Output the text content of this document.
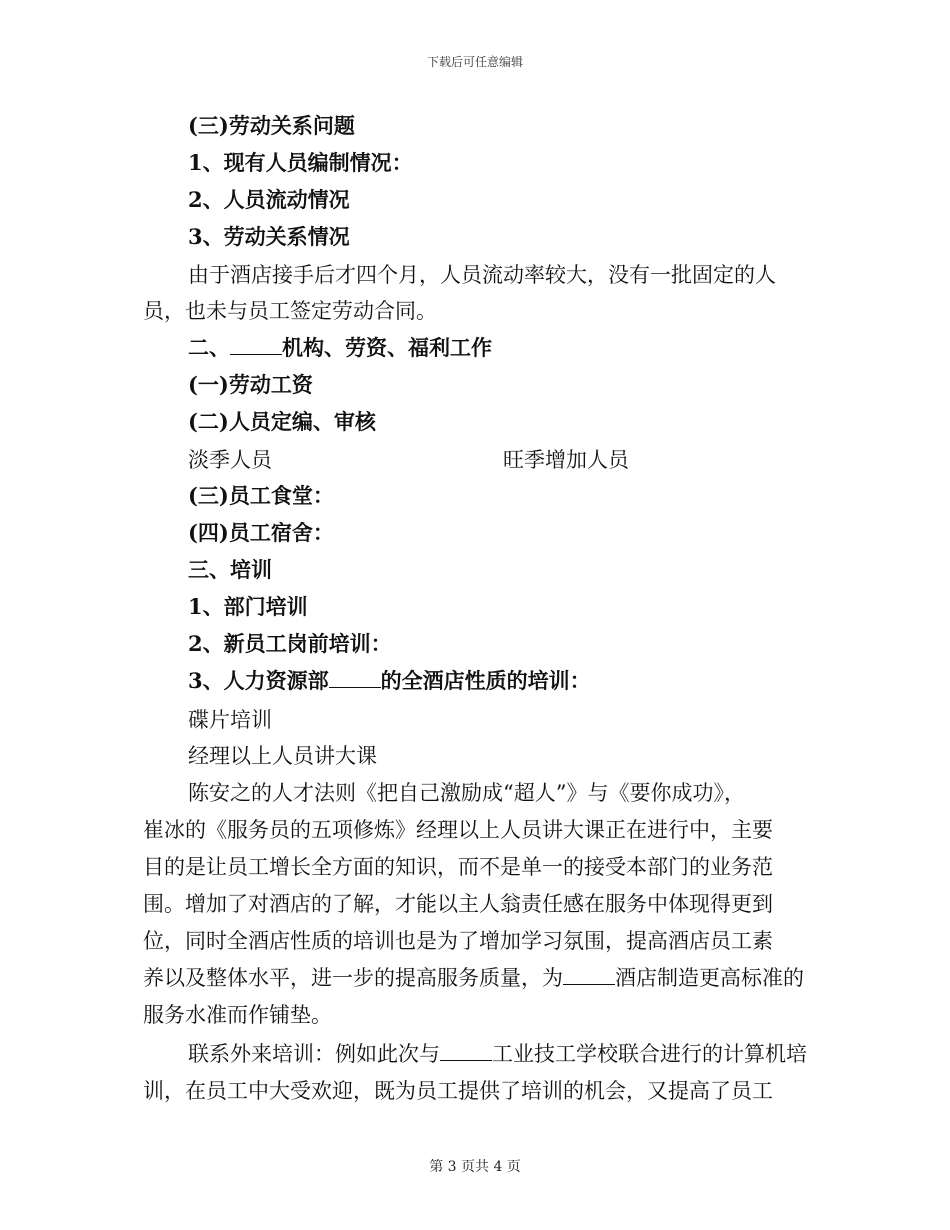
下载后可任意编辑
(三)劳动关系问题
1、现有人员编制情况：
2、人员流动情况
3、劳动关系情况
由于酒店接手后才四个月，人员流动率较大，没有一批固定的人
员，也未与员工签定劳动合同。
二、 机构、劳资、福利工作
(一)劳动工资
(二)人员定编、审核
淡季人员	旺季增加人员
(三)员工食堂：
(四)员工宿舍：
三、培训
1、部门培训
2、新员工岗前培训：
3、人力资源部 的全酒店性质的培训：
碟片培训
经理以上人员讲大课
陈安之的人才法则《把自己激励成“超人”》与《要你成功》，
崔冰的《服务员的五项修炼》经理以上人员讲大课正在进行中，主要
目的是让员工增长全方面的知识，而不是单一的接受本部门的业务范
围。增加了对酒店的了解，才能以主人翁责任感在服务中体现得更到
位，同时全酒店性质的培训也是为了增加学习氛围，提高酒店员工素
养以及整体水平，进一步的提高服务质量，为 酒店制造更高标准的
服务水准而作铺垫。
联系外来培训：例如此次与 工业技工学校联合进行的计算机培
训，在员工中大受欢迎，既为员工提供了培训的机会，又提高了员工
第 3 页共 4 页
